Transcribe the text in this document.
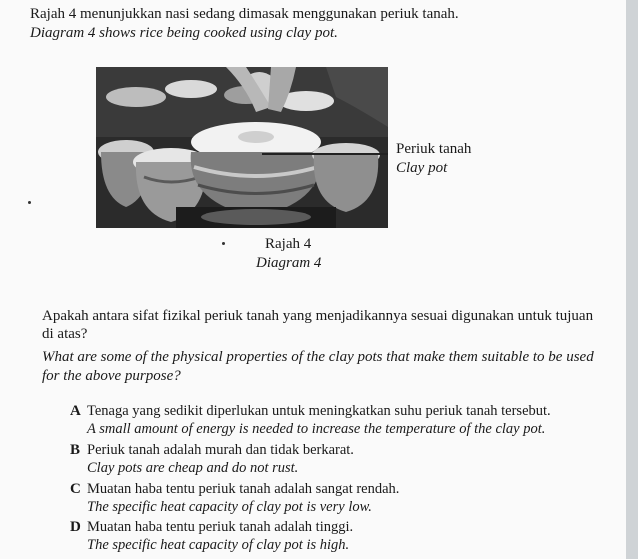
Rajah 4 menunjukkan nasi sedang dimasak menggunakan periuk tanah.
Diagram 4 shows rice being cooked using clay pot.
Periuk tanah
Clay pot
Rajah 4
Diagram 4
Apakah antara sifat fizikal periuk tanah yang menjadikannya sesuai digunakan untuk tujuan di atas?
What are some of the physical properties of the clay pots that make them suitable to be used for the above purpose?
A Tenaga yang sedikit diperlukan untuk meningkatkan suhu periuk tanah tersebut.
A small amount of energy is needed to increase the temperature of the clay pot.
B Periuk tanah adalah murah dan tidak berkarat.
Clay pots are cheap and do not rust.
C Muatan haba tentu periuk tanah adalah sangat rendah.
The specific heat capacity of clay pot is very low.
D Muatan haba tentu periuk tanah adalah tinggi.
The specific heat capacity of clay pot is high.
